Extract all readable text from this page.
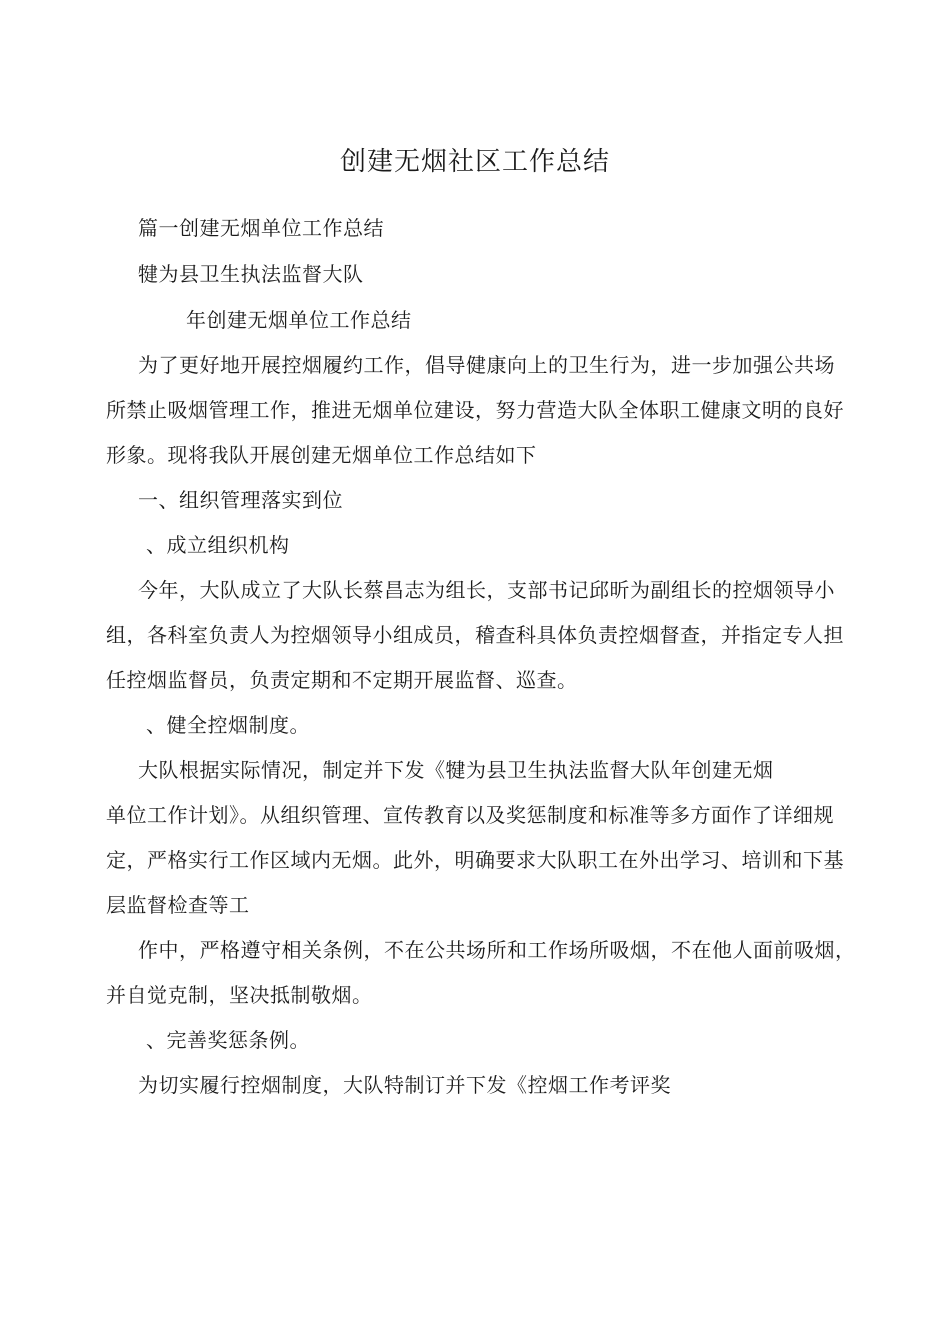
创建无烟社区工作总结
篇一创建无烟单位工作总结
犍为县卫生执法监督大队
年创建无烟单位工作总结
为了更好地开展控烟履约工作，倡导健康向上的卫生行为，进一步加强公共场
所禁止吸烟管理工作，推进无烟单位建设，努力营造大队全体职工健康文明的良好
形象。现将我队开展创建无烟单位工作总结如下
一、组织管理落实到位
、成立组织机构
今年，大队成立了大队长蔡昌志为组长，支部书记邱昕为副组长的控烟领导小
组，各科室负责人为控烟领导小组成员，稽查科具体负责控烟督查，并指定专人担
任控烟监督员，负责定期和不定期开展监督、巡查。
、健全控烟制度。
大队根据实际情况，制定并下发《犍为县卫生执法监督大队年创建无烟
单位工作计划》。从组织管理、宣传教育以及奖惩制度和标准等多方面作了详细规
定，严格实行工作区域内无烟。此外，明确要求大队职工在外出学习、培训和下基
层监督检查等工
作中，严格遵守相关条例，不在公共场所和工作场所吸烟，不在他人面前吸烟，
并自觉克制，坚决抵制敬烟。
、完善奖惩条例。
为切实履行控烟制度，大队特制订并下发《控烟工作考评奖
